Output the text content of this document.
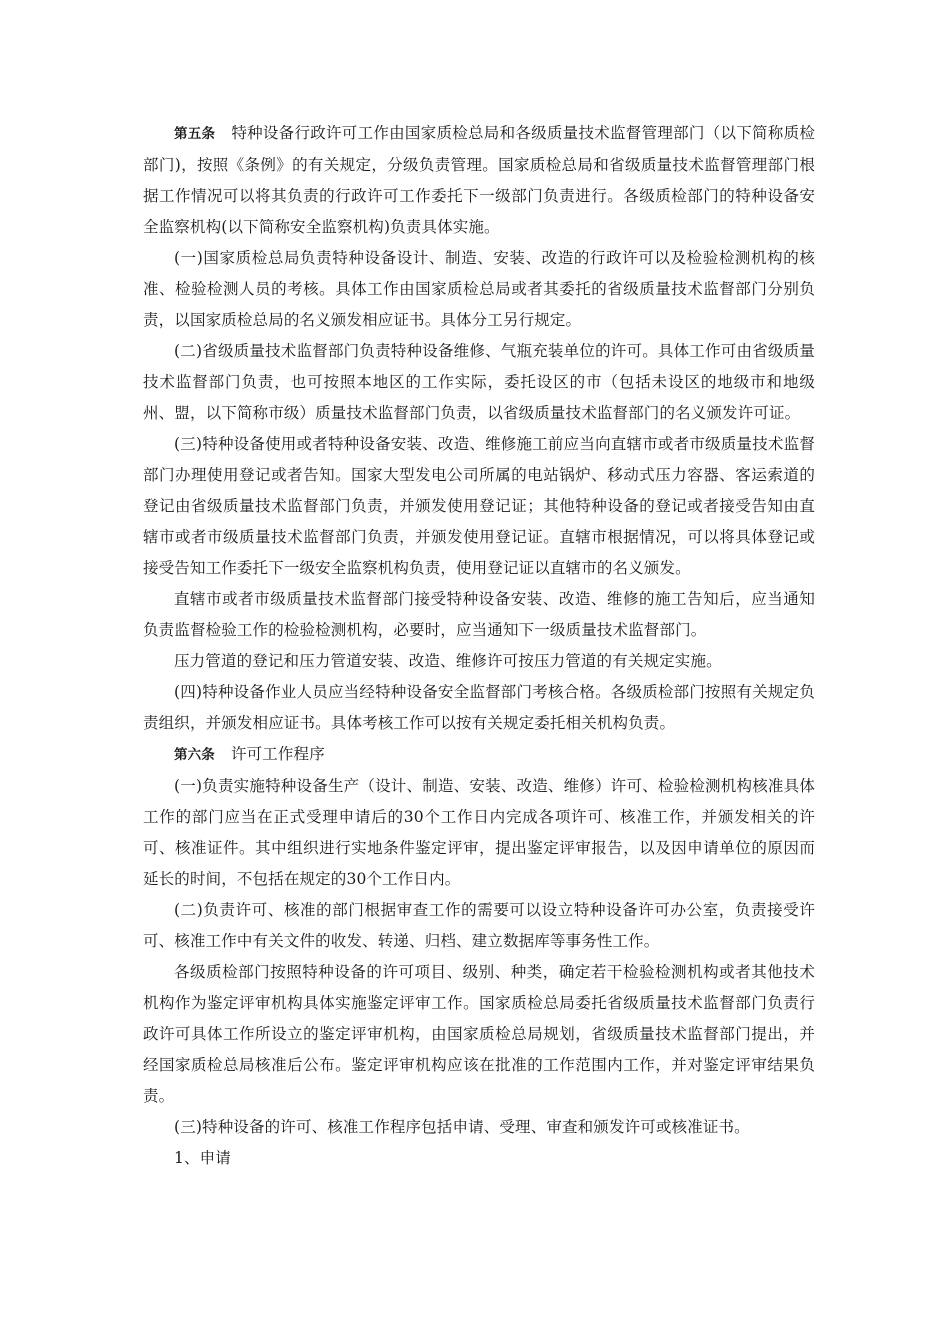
第五条 特种设备行政许可工作由国家质检总局和各级质量技术监督管理部门（以下简称质检部门)，按照《条例》的有关规定，分级负责管理。国家质检总局和省级质量技术监督管理部门根据工作情况可以将其负责的行政许可工作委托下一级部门负责进行。各级质检部门的特种设备安全监察机构(以下简称安全监察机构)负责具体实施。

(一)国家质检总局负责特种设备设计、制造、安装、改造的行政许可以及检验检测机构的核准、检验检测人员的考核。具体工作由国家质检总局或者其委托的省级质量技术监督部门分别负责，以国家质检总局的名义颁发相应证书。具体分工另行规定。

(二)省级质量技术监督部门负责特种设备维修、气瓶充装单位的许可。具体工作可由省级质量技术监督部门负责，也可按照本地区的工作实际，委托设区的市（包括未设区的地级市和地级州、盟，以下简称市级）质量技术监督部门负责，以省级质量技术监督部门的名义颁发许可证。

(三)特种设备使用或者特种设备安装、改造、维修施工前应当向直辖市或者市级质量技术监督部门办理使用登记或者告知。国家大型发电公司所属的电站锅炉、移动式压力容器、客运索道的登记由省级质量技术监督部门负责，并颁发使用登记证；其他特种设备的登记或者接受告知由直辖市或者市级质量技术监督部门负责，并颁发使用登记证。直辖市根据情况，可以将具体登记或接受告知工作委托下一级安全监察机构负责，使用登记证以直辖市的名义颁发。

直辖市或者市级质量技术监督部门接受特种设备安装、改造、维修的施工告知后，应当通知负责监督检验工作的检验检测机构，必要时，应当通知下一级质量技术监督部门。

压力管道的登记和压力管道安装、改造、维修许可按压力管道的有关规定实施。

(四)特种设备作业人员应当经特种设备安全监督部门考核合格。各级质检部门按照有关规定负责组织，并颁发相应证书。具体考核工作可以按有关规定委托相关机构负责。

第六条 许可工作程序

(一)负责实施特种设备生产（设计、制造、安装、改造、维修）许可、检验检测机构核准具体工作的部门应当在正式受理申请后的30个工作日内完成各项许可、核准工作，并颁发相关的许可、核准证件。其中组织进行实地条件鉴定评审，提出鉴定评审报告，以及因申请单位的原因而延长的时间，不包括在规定的30个工作日内。

(二)负责许可、核准的部门根据审查工作的需要可以设立特种设备许可办公室，负责接受许可、核准工作中有关文件的收发、转递、归档、建立数据库等事务性工作。

各级质检部门按照特种设备的许可项目、级别、种类，确定若干检验检测机构或者其他技术机构作为鉴定评审机构具体实施鉴定评审工作。国家质检总局委托省级质量技术监督部门负责行政许可具体工作所设立的鉴定评审机构，由国家质检总局规划，省级质量技术监督部门提出，并经国家质检总局核准后公布。鉴定评审机构应该在批准的工作范围内工作，并对鉴定评审结果负责。

(三)特种设备的许可、核准工作程序包括申请、受理、审查和颁发许可或核准证书。

1、申请
